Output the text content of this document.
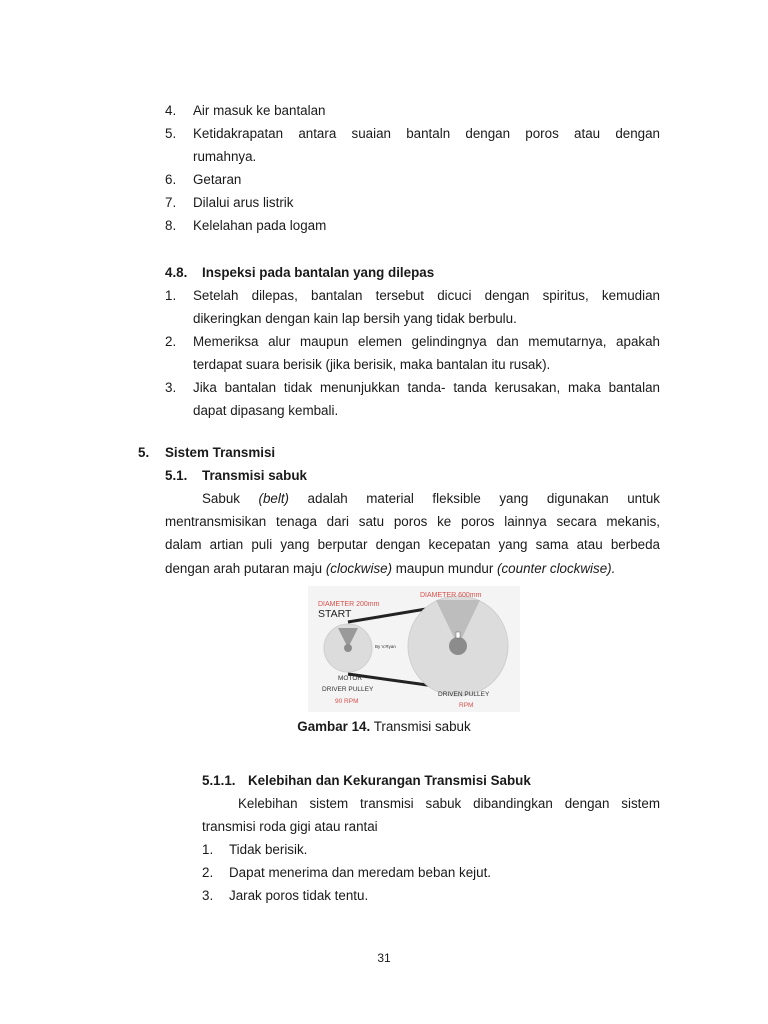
4. Air masuk ke bantalan
5. Ketidakrapatan antara suaian bantaln dengan poros atau dengan
rumahnya.
6. Getaran
7. Dilalui arus listrik
8. Kelelahan pada logam
4.8. Inspeksi pada bantalan yang dilepas
1. Setelah dilepas, bantalan tersebut dicuci dengan spiritus, kemudian
dikeringkan dengan kain lap bersih yang tidak berbulu.
2. Memeriksa alur maupun elemen gelindingnya dan memutarnya, apakah
terdapat suara berisik (jika berisik, maka bantalan itu rusak).
3. Jika bantalan tidak menunjukkan tanda- tanda kerusakan, maka bantalan
dapat dipasang kembali.
5. Sistem Transmisi
5.1. Transmisi sabuk
Sabuk (belt) adalah material fleksible yang digunakan untuk
mentransmisikan tenaga dari satu poros ke poros lainnya secara mekanis,
dalam artian puli yang berputar dengan kecepatan yang sama atau berbeda
dengan arah putaran maju (clockwise) maupun mundur (counter clockwise).
DIAMETER 200mm
START
DIAMETER 600mm
By V.Ryan
MOTOR
DRIVER PULLEY
90 RPM
DRIVEN PULLEY
RPM
Gambar 14. Transmisi sabuk
5.1.1. Kelebihan dan Kekurangan Transmisi Sabuk
Kelebihan sistem transmisi sabuk dibandingkan dengan sistem
transmisi roda gigi atau rantai
1. Tidak berisik.
2. Dapat menerima dan meredam beban kejut.
3. Jarak poros tidak tentu.
31
